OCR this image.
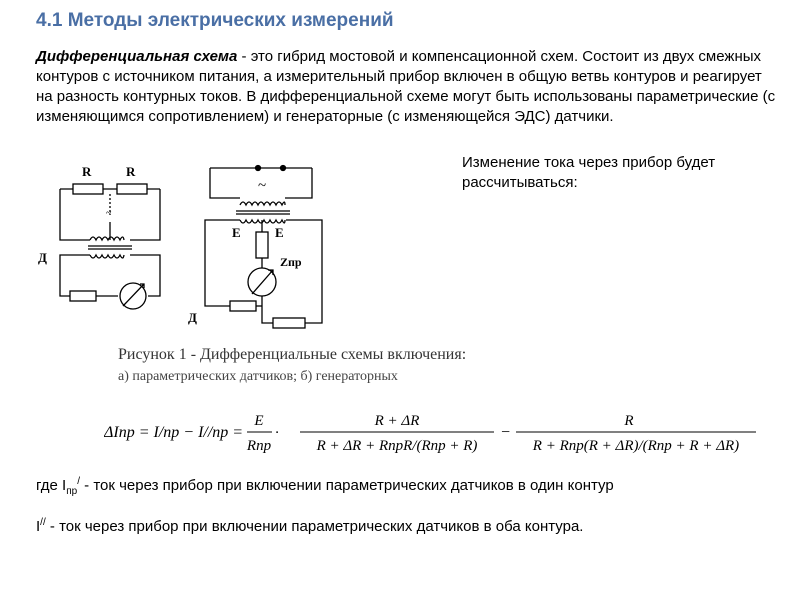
4.1 Методы электрических измерений
Дифференциальная схема - это гибрид мостовой и компенсационной схем. Состоит из двух смежных контуров с источником питания, а измерительный прибор включен в общую ветвь контуров и реагирует на разность контурных токов. В дифференциальной схеме могут быть использованы параметрические (с изменяющимся сопротивлением) и генераторные (с изменяющейся ЭДС) датчики.
Изменение тока через прибор будет рассчитываться:
R	R
~
Д
~
E	E
Zпр
Д
Рисунок 1 - Дифференциальные схемы включения:
а) параметрических датчиков; б) генераторных
ΔIпр = I/пр − I//пр =
E
Rпр
·
R + ΔR
R + ΔR + RпрR/(Rпр + R)
−
R
R + Rпр(R + ΔR)/(Rпр + R + ΔR)
где $I_{пр}^/$ - ток через прибор при включении параметрических датчиков в один контур
I// - ток через прибор при включении параметрических датчиков в оба контура.
